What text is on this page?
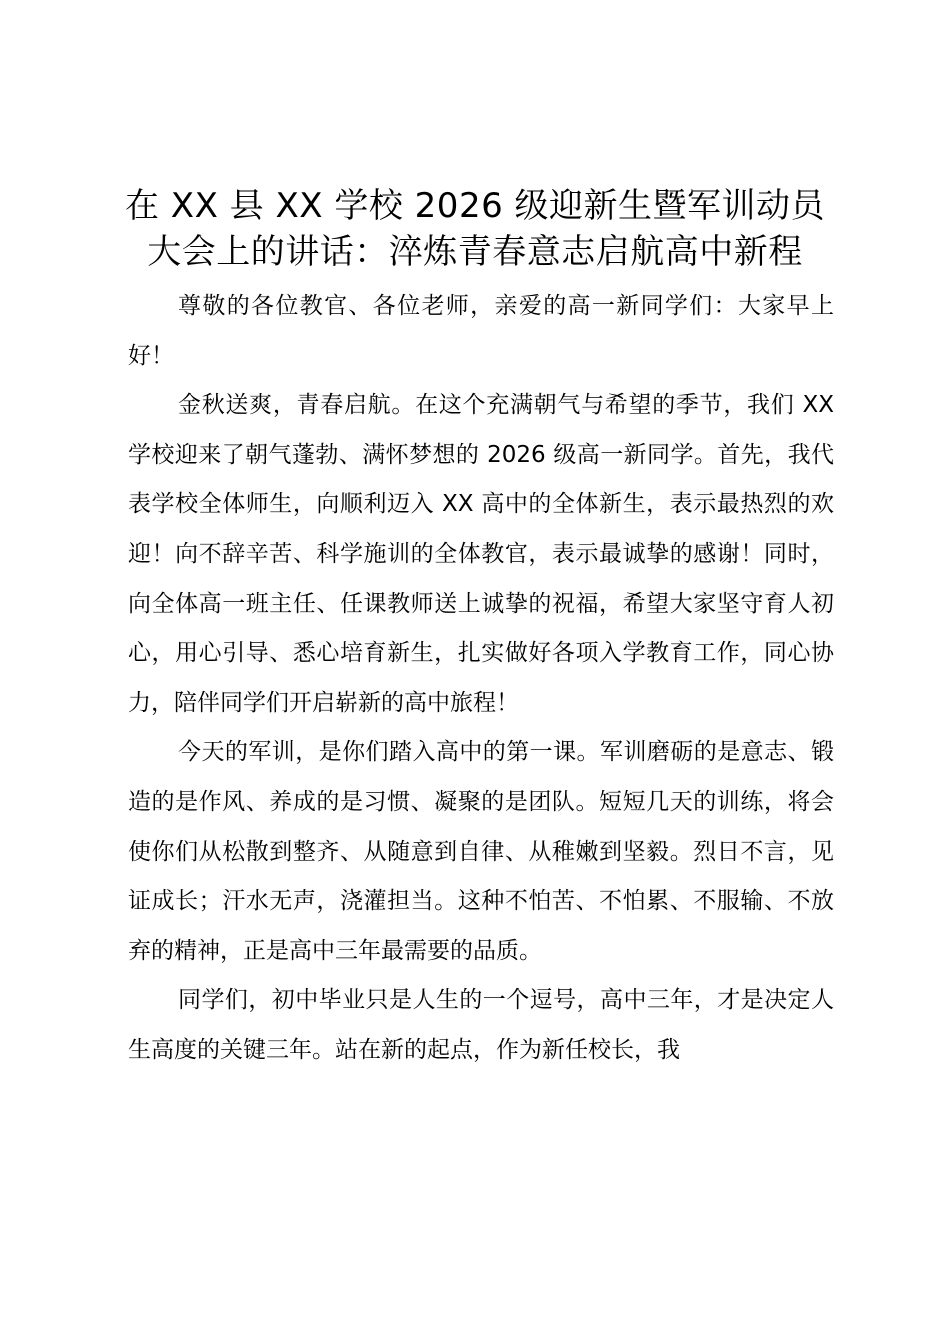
在 XX 县 XX 学校 2026 级迎新生暨军训动员
大会上的讲话：淬炼青春意志启航高中新程

尊敬的各位教官、各位老师，亲爱的高一新同学们：大家早上好！

金秋送爽，青春启航。在这个充满朝气与希望的季节，我们 XX 学校迎来了朝气蓬勃、满怀梦想的 2026 级高一新同学。首先，我代表学校全体师生，向顺利迈入 XX 高中的全体新生，表示最热烈的欢迎！向不辞辛苦、科学施训的全体教官，表示最诚挚的感谢！同时，向全体高一班主任、任课教师送上诚挚的祝福，希望大家坚守育人初心，用心引导、悉心培育新生，扎实做好各项入学教育工作，同心协力，陪伴同学们开启崭新的高中旅程！

今天的军训，是你们踏入高中的第一课。军训磨砺的是意志、锻造的是作风、养成的是习惯、凝聚的是团队。短短几天的训练，将会使你们从松散到整齐、从随意到自律、从稚嫩到坚毅。烈日不言，见证成长；汗水无声，浇灌担当。这种不怕苦、不怕累、不服输、不放弃的精神，正是高中三年最需要的品质。

同学们，初中毕业只是人生的一个逗号，高中三年，才是决定人生高度的关键三年。站在新的起点，作为新任校长，我
